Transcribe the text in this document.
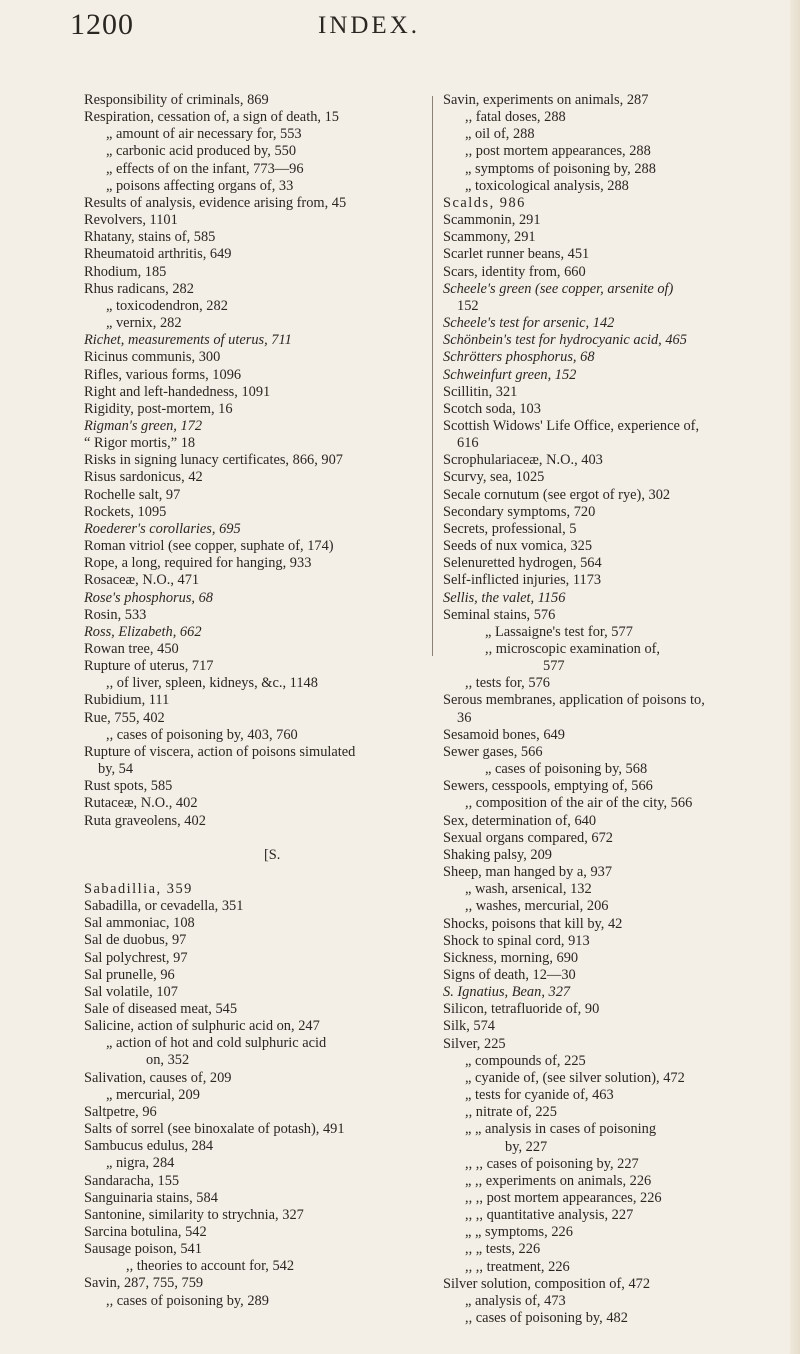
1200	INDEX.
Responsibility of criminals, 869
Respiration, cessation of, a sign of death, 15
„ amount of air necessary for, 553
„ carbonic acid produced by, 550
„ effects of on the infant, 773—96
„ poisons affecting organs of, 33
Results of analysis, evidence arising from, 45
Revolvers, 1101
Rhatany, stains of, 585
Rheumatoid arthritis, 649
Rhodium, 185
Rhus radicans, 282
„ toxicodendron, 282
„ vernix, 282
Richet, measurements of uterus, 711
Ricinus communis, 300
Rifles, various forms, 1096
Right and left-handedness, 1091
Rigidity, post-mortem, 16
Rigman's green, 172
“ Rigor mortis,” 18
Risks in signing lunacy certificates, 866, 907
Risus sardonicus, 42
Rochelle salt, 97
Rockets, 1095
Roederer's corollaries, 695
Roman vitriol (see copper, suphate of, 174)
Rope, a long, required for hanging, 933
Rosaceæ, N.O., 471
Rose's phosphorus, 68
Rosin, 533
Ross, Elizabeth, 662
Rowan tree, 450
Rupture of uterus, 717
,, of liver, spleen, kidneys, &c., 1148
Rubidium, 111
Rue, 755, 402
,, cases of poisoning by, 403, 760
Rupture of viscera, action of poisons simulated
by, 54
Rust spots, 585
Rutaceæ, N.O., 402
Ruta graveolens, 402
[S.
Sabadillia, 359
Sabadilla, or cevadella, 351
Sal ammoniac, 108
Sal de duobus, 97
Sal polychrest, 97
Sal prunelle, 96
Sal volatile, 107
Sale of diseased meat, 545
Salicine, action of sulphuric acid on, 247
„ action of hot and cold sulphuric acid
on, 352
Salivation, causes of, 209
„ mercurial, 209
Saltpetre, 96
Salts of sorrel (see binoxalate of potash), 491
Sambucus edulus, 284
„ nigra, 284
Sandaracha, 155
Sanguinaria stains, 584
Santonine, similarity to strychnia, 327
Sarcina botulina, 542
Sausage poison, 541
,, theories to account for, 542
Savin, 287, 755, 759
,, cases of poisoning by, 289
Savin, experiments on animals, 287
,, fatal doses, 288
„ oil of, 288
,, post mortem appearances, 288
„ symptoms of poisoning by, 288
„ toxicological analysis, 288
Scalds, 986
Scammonin, 291
Scammony, 291
Scarlet runner beans, 451
Scars, identity from, 660
Scheele's green (see copper, arsenite of)
152
Scheele's test for arsenic, 142
Schönbein's test for hydrocyanic acid, 465
Schrötters phosphorus, 68
Schweinfurt green, 152
Scillitin, 321
Scotch soda, 103
Scottish Widows' Life Office, experience of,
616
Scrophulariaceæ, N.O., 403
Scurvy, sea, 1025
Secale cornutum (see ergot of rye), 302
Secondary symptoms, 720
Secrets, professional, 5
Seeds of nux vomica, 325
Selenuretted hydrogen, 564
Self-inflicted injuries, 1173
Sellis, the valet, 1156
Seminal stains, 576
„ Lassaigne's test for, 577
,, microscopic examination of,
577
,, tests for, 576
Serous membranes, application of poisons to,
36
Sesamoid bones, 649
Sewer gases, 566
„ cases of poisoning by, 568
Sewers, cesspools, emptying of, 566
,, composition of the air of the city, 566
Sex, determination of, 640
Sexual organs compared, 672
Shaking palsy, 209
Sheep, man hanged by a, 937
„ wash, arsenical, 132
,, washes, mercurial, 206
Shocks, poisons that kill by, 42
Shock to spinal cord, 913
Sickness, morning, 690
Signs of death, 12—30
S. Ignatius, Bean, 327
Silicon, tetrafluoride of, 90
Silk, 574
Silver, 225
„ compounds of, 225
„ cyanide of, (see silver solution), 472
„ tests for cyanide of, 463
,, nitrate of, 225
„ „ analysis in cases of poisoning
by, 227
,, ,, cases of poisoning by, 227
„ ,, experiments on animals, 226
,, ,, post mortem appearances, 226
,, ,, quantitative analysis, 227
„ „ symptoms, 226
,, „ tests, 226
,, ,, treatment, 226
Silver solution, composition of, 472
„ analysis of, 473
,, cases of poisoning by, 482
